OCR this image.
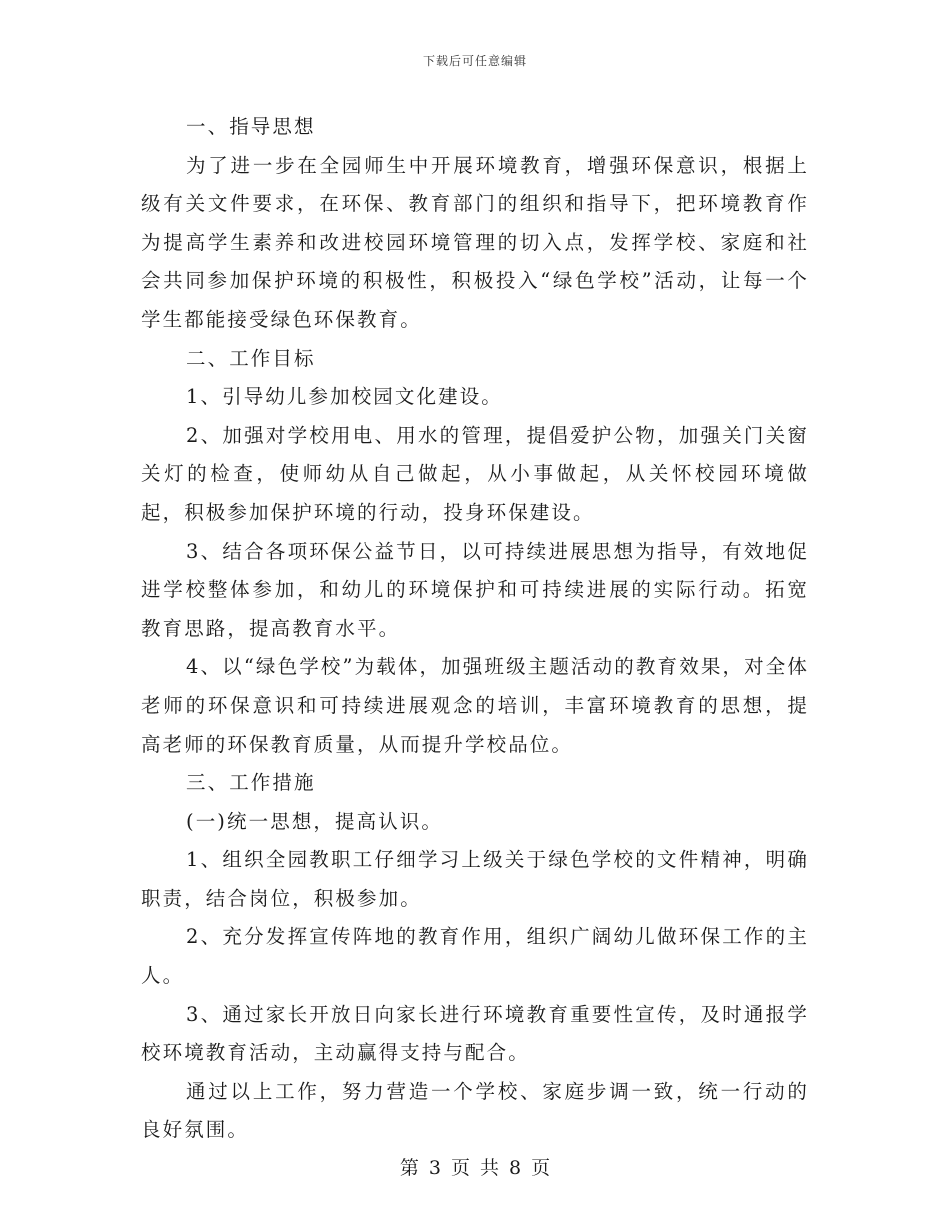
下载后可任意编辑

一、指导思想

为了进一步在全园师生中开展环境教育，增强环保意识，根据上级有关文件要求，在环保、教育部门的组织和指导下，把环境教育作为提高学生素养和改进校园环境管理的切入点，发挥学校、家庭和社会共同参加保护环境的积极性，积极投入“绿色学校”活动，让每一个学生都能接受绿色环保教育。

二、工作目标

1、引导幼儿参加校园文化建设。

2、加强对学校用电、用水的管理，提倡爱护公物，加强关门关窗关灯的检查，使师幼从自己做起，从小事做起，从关怀校园环境做起，积极参加保护环境的行动，投身环保建设。

3、结合各项环保公益节日，以可持续进展思想为指导，有效地促进学校整体参加，和幼儿的环境保护和可持续进展的实际行动。拓宽教育思路，提高教育水平。

4、以“绿色学校”为载体，加强班级主题活动的教育效果，对全体老师的环保意识和可持续进展观念的培训，丰富环境教育的思想，提高老师的环保教育质量，从而提升学校品位。

三、工作措施

(一)统一思想，提高认识。

1、组织全园教职工仔细学习上级关于绿色学校的文件精神，明确职责，结合岗位，积极参加。

2、充分发挥宣传阵地的教育作用，组织广阔幼儿做环保工作的主人。

3、通过家长开放日向家长进行环境教育重要性宣传，及时通报学校环境教育活动，主动赢得支持与配合。

通过以上工作，努力营造一个学校、家庭步调一致，统一行动的良好氛围。

第 3 页 共 8 页
